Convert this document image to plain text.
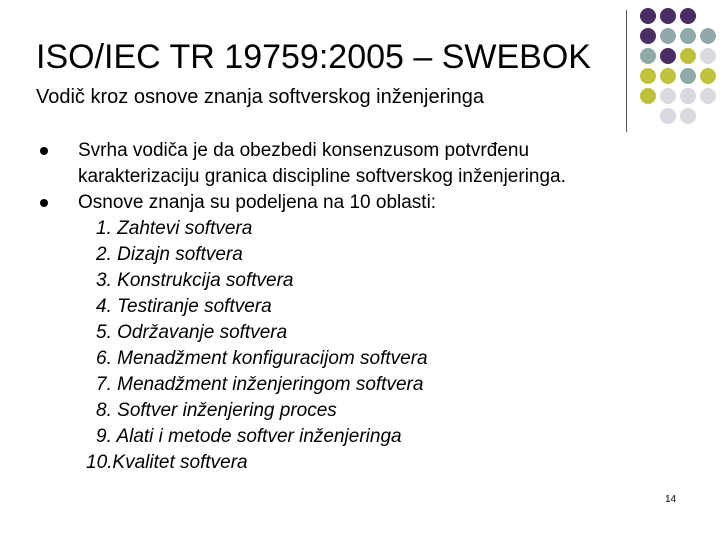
ISO/IEC TR 19759:2005 – SWEBOK
Vodič kroz osnove znanja softverskog inženjeringa
Svrha vodiča je da obezbedi konsenzusom potvrđenu
karakterizaciju granica discipline softverskog inženjeringa.
Osnove znanja su podeljena na 10 oblasti:
1. Zahtevi softvera
2. Dizajn softvera
3. Konstrukcija softvera
4. Testiranje softvera
5. Održavanje softvera
6. Menadžment konfiguracijom softvera
7. Menadžment inženjeringom softvera
8. Softver inženjering proces
9. Alati i metode softver inženjeringa
10.Kvalitet softvera
14
